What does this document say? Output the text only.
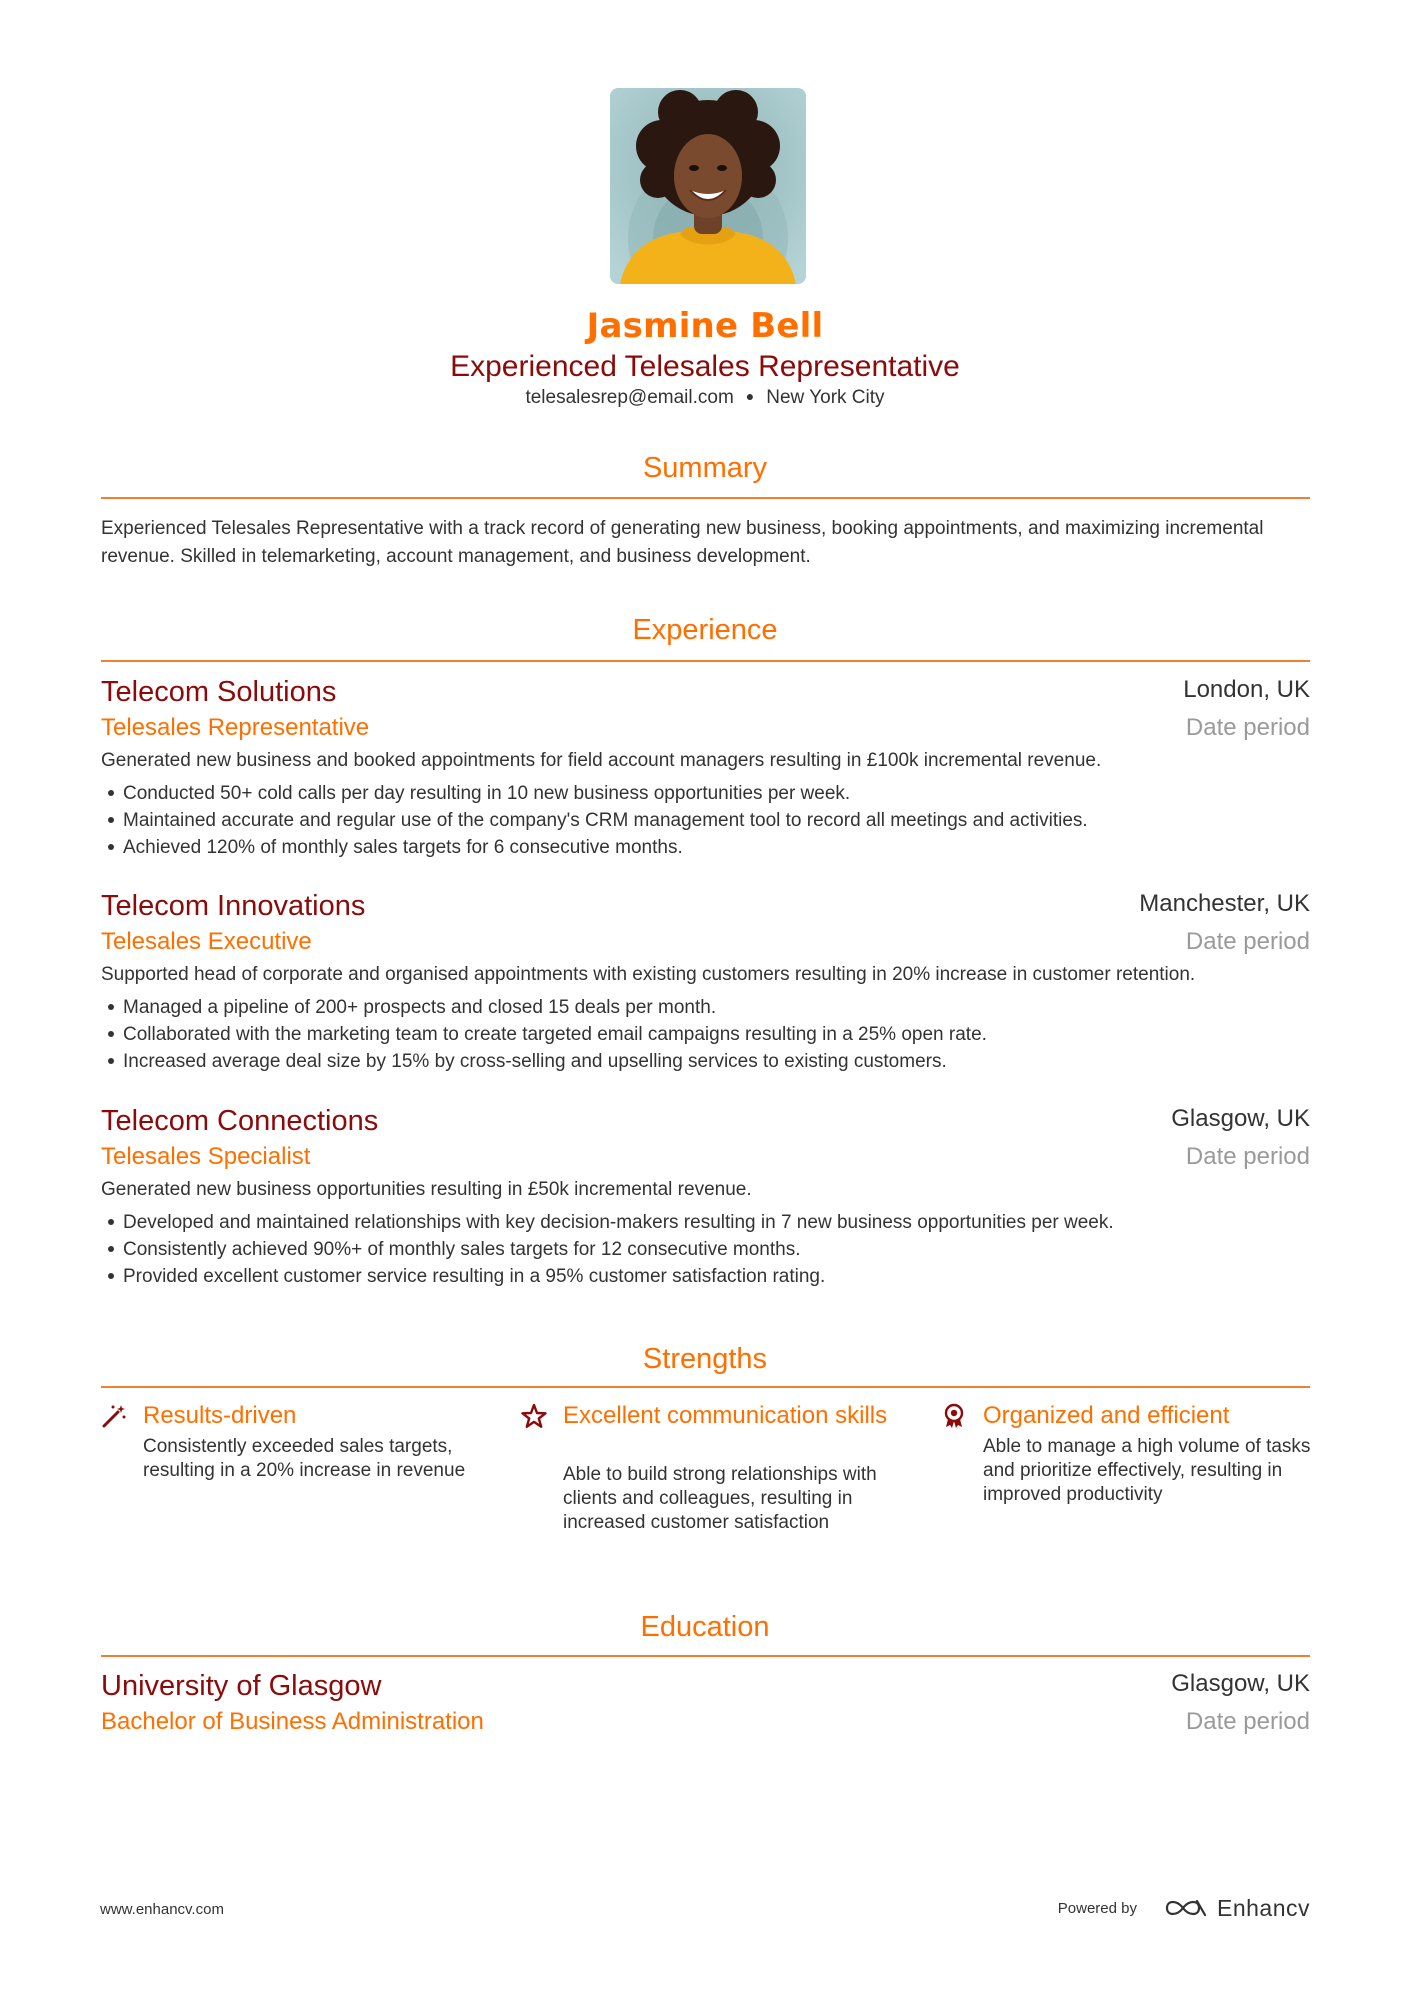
Jasmine Bell
Experienced Telesales Representative
telesalesrep@email.com ● New York City
Summary
Experienced Telesales Representative with a track record of generating new business, booking appointments, and maximizing incremental revenue. Skilled in telemarketing, account management, and business development.
Experience
Telecom Solutions	London, UK
Telesales Representative	Date period
Generated new business and booked appointments for field account managers resulting in £100k incremental revenue.
Conducted 50+ cold calls per day resulting in 10 new business opportunities per week.
Maintained accurate and regular use of the company's CRM management tool to record all meetings and activities.
Achieved 120% of monthly sales targets for 6 consecutive months.
Telecom Innovations	Manchester, UK
Telesales Executive	Date period
Supported head of corporate and organised appointments with existing customers resulting in 20% increase in customer retention.
Managed a pipeline of 200+ prospects and closed 15 deals per month.
Collaborated with the marketing team to create targeted email campaigns resulting in a 25% open rate.
Increased average deal size by 15% by cross-selling and upselling services to existing customers.
Telecom Connections	Glasgow, UK
Telesales Specialist	Date period
Generated new business opportunities resulting in £50k incremental revenue.
Developed and maintained relationships with key decision-makers resulting in 7 new business opportunities per week.
Consistently achieved 90%+ of monthly sales targets for 12 consecutive months.
Provided excellent customer service resulting in a 95% customer satisfaction rating.
Strengths
Results-driven
Consistently exceeded sales targets, resulting in a 20% increase in revenue
Excellent communication skills
Able to build strong relationships with clients and colleagues, resulting in increased customer satisfaction
Organized and efficient
Able to manage a high volume of tasks and prioritize effectively, resulting in improved productivity
Education
University of Glasgow	Glasgow, UK
Bachelor of Business Administration	Date period
www.enhancv.com	Powered by	Enhancv
